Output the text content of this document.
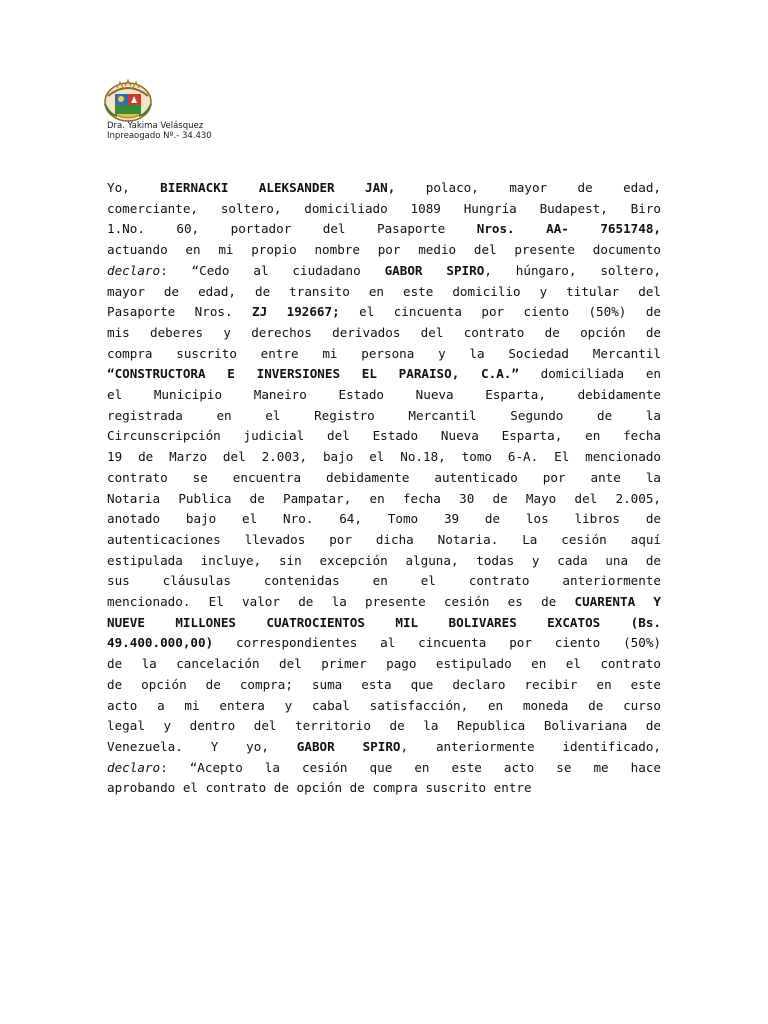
Dra. Yakima Velásquez
Inpreaogado Nº.- 34.430
Yo, BIERNACKI ALEKSANDER JAN, polaco, mayor de edad,
comerciante, soltero, domiciliado 1089 Hungría Budapest, Biro
1.No. 60, portador del Pasaporte Nros. AA- 7651748,
actuando en mi propio nombre por medio del presente documento
declaro: “Cedo al ciudadano GABOR SPIRO, húngaro, soltero,
mayor de edad, de transito en este domicilio y titular del
Pasaporte Nros. ZJ 192667; el cincuenta por ciento (50%) de
mis deberes y derechos derivados del contrato de opción de
compra suscrito entre mi persona y la Sociedad Mercantil
“CONSTRUCTORA E INVERSIONES EL PARAISO, C.A.” domiciliada en
el Municipio Maneiro Estado Nueva Esparta, debidamente
registrada en el Registro Mercantil Segundo de la
Circunscripción judicial del Estado Nueva Esparta, en fecha
19 de Marzo del 2.003, bajo el No.18, tomo 6-A. El mencionado
contrato se encuentra debidamente autenticado por ante la
Notaria Publica de Pampatar, en fecha 30 de Mayo del 2.005,
anotado bajo el Nro. 64, Tomo 39 de los libros de
autenticaciones llevados por dicha Notaria. La cesión aquí
estipulada incluye, sin excepción alguna, todas y cada una de
sus cláusulas contenidas en el contrato anteriormente
mencionado. El valor de la presente cesión es de CUARENTA Y
NUEVE MILLONES CUATROCIENTOS MIL BOLIVARES EXCATOS (Bs.
49.400.000,00) correspondientes al cincuenta por ciento (50%)
de la cancelación del primer pago estipulado en el contrato
de opción de compra; suma esta que declaro recibir en este
acto a mi entera y cabal satisfacción, en moneda de curso
legal y dentro del territorio de la Republica Bolivariana de
Venezuela. Y yo, GABOR SPIRO, anteriormente identificado,
declaro: “Acepto la cesión que en este acto se me hace
aprobando el contrato de opción de compra suscrito entre
